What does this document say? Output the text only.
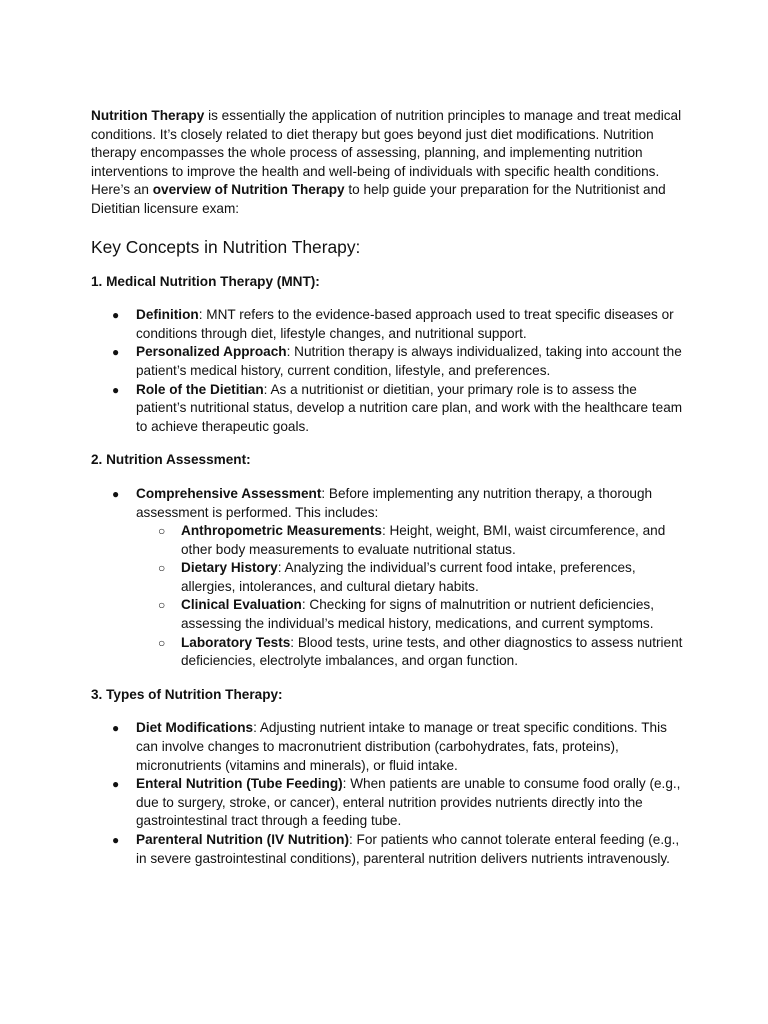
Nutrition Therapy is essentially the application of nutrition principles to manage and treat medical conditions. It’s closely related to diet therapy but goes beyond just diet modifications. Nutrition therapy encompasses the whole process of assessing, planning, and implementing nutrition interventions to improve the health and well-being of individuals with specific health conditions. Here’s an overview of Nutrition Therapy to help guide your preparation for the Nutritionist and Dietitian licensure exam:

Key Concepts in Nutrition Therapy:
1. Medical Nutrition Therapy (MNT):
● Definition: MNT refers to the evidence-based approach used to treat specific diseases or conditions through diet, lifestyle changes, and nutritional support.
● Personalized Approach: Nutrition therapy is always individualized, taking into account the patient’s medical history, current condition, lifestyle, and preferences.
● Role of the Dietitian: As a nutritionist or dietitian, your primary role is to assess the patient’s nutritional status, develop a nutrition care plan, and work with the healthcare team to achieve therapeutic goals.
2. Nutrition Assessment:
● Comprehensive Assessment: Before implementing any nutrition therapy, a thorough assessment is performed. This includes:
○ Anthropometric Measurements: Height, weight, BMI, waist circumference, and other body measurements to evaluate nutritional status.
○ Dietary History: Analyzing the individual’s current food intake, preferences, allergies, intolerances, and cultural dietary habits.
○ Clinical Evaluation: Checking for signs of malnutrition or nutrient deficiencies, assessing the individual’s medical history, medications, and current symptoms.
○ Laboratory Tests: Blood tests, urine tests, and other diagnostics to assess nutrient deficiencies, electrolyte imbalances, and organ function.
3. Types of Nutrition Therapy:
● Diet Modifications: Adjusting nutrient intake to manage or treat specific conditions. This can involve changes to macronutrient distribution (carbohydrates, fats, proteins), micronutrients (vitamins and minerals), or fluid intake.
● Enteral Nutrition (Tube Feeding): When patients are unable to consume food orally (e.g., due to surgery, stroke, or cancer), enteral nutrition provides nutrients directly into the gastrointestinal tract through a feeding tube.
● Parenteral Nutrition (IV Nutrition): For patients who cannot tolerate enteral feeding (e.g., in severe gastrointestinal conditions), parenteral nutrition delivers nutrients intravenously.
